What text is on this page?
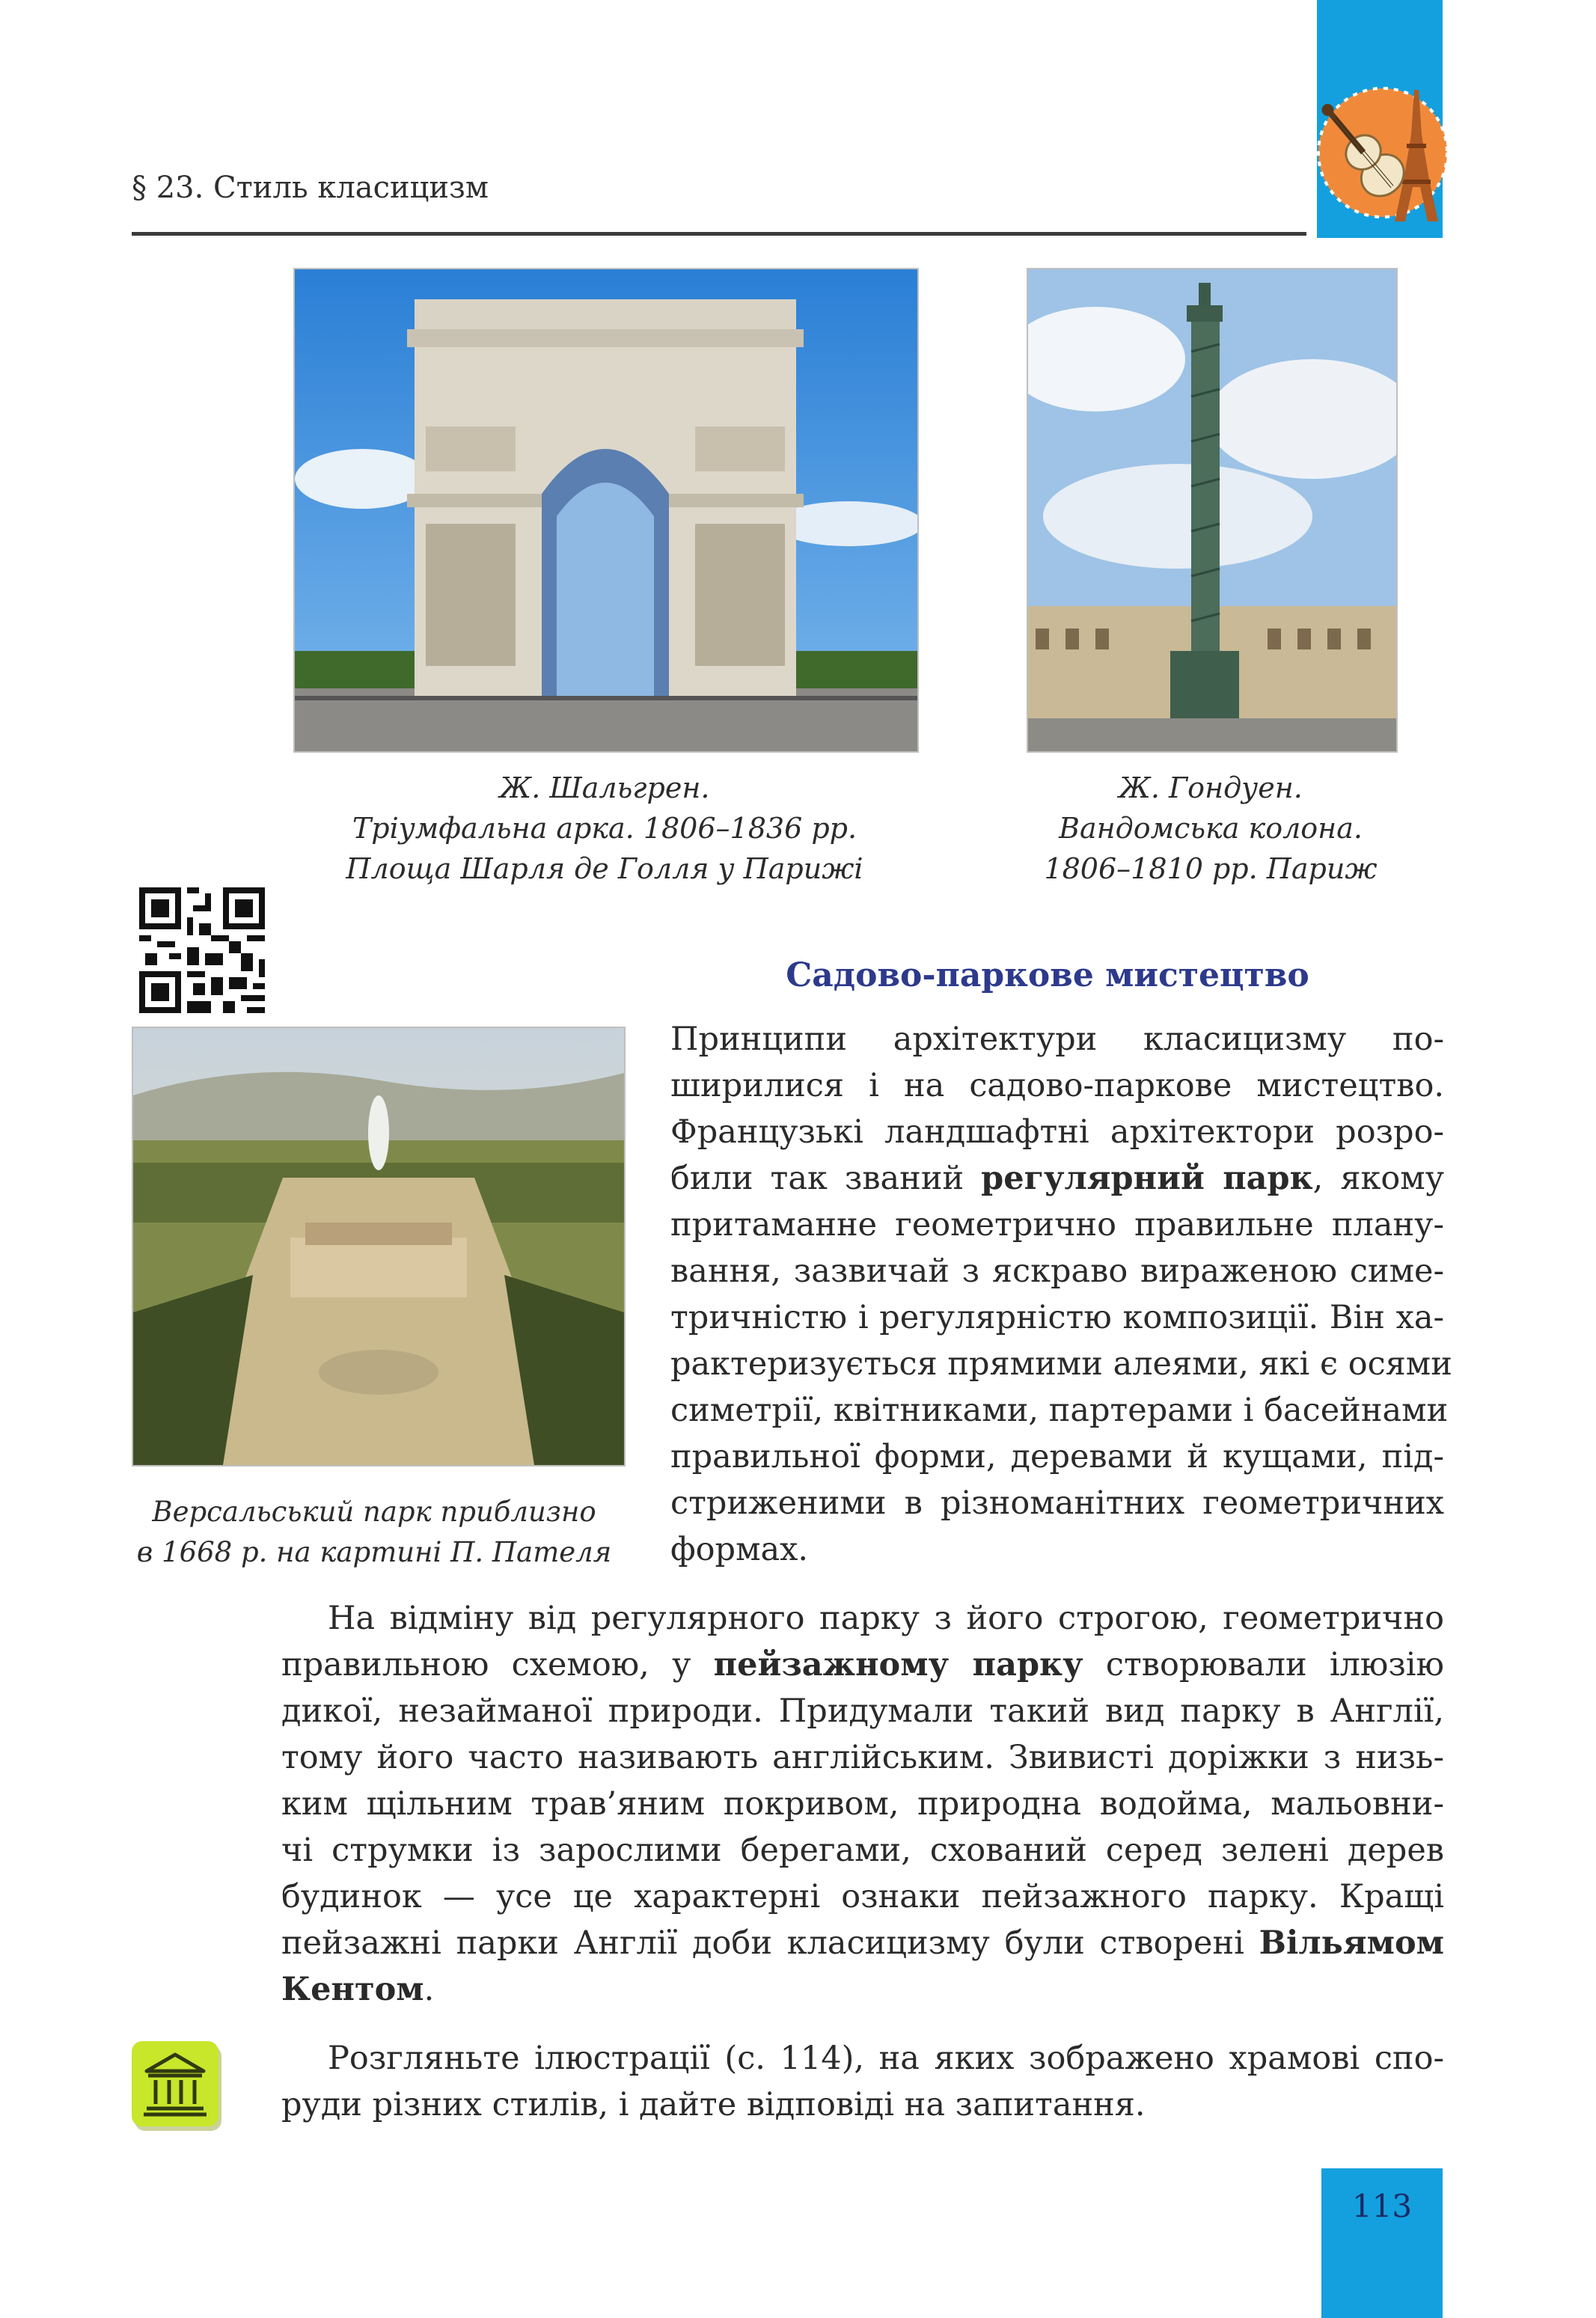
§ 23. Стиль класицизм
Ж. Шальгрен.
Тріумфальна арка. 1806–1836 рр.
Площа Шарля де Голля у Парижі
Ж. Гондуен.
Вандомська колона.
1806–1810 рр. Париж
Версальський парк приблизно
в 1668 р. на картині П. Пателя
Садово-паркове мистецтво
Принципи архітектури класицизму по-
ширилися і на садово-паркове мистецтво.
Французькі ландшафтні архітектори розро-
били так званий регулярний парк, якому
притаманне геометрично правильне плану-
вання, зазвичай з яскраво вираженою симе-
тричністю і регулярністю композиції. Він ха-
рактеризується прямими алеями, які є осями
симетрії, квітниками, партерами і басейнами
правильної форми, деревами й кущами, під-
стриженими в різноманітних геометричних
формах.
На відміну від регулярного парку з його строгою, геометрично
правильною схемою, у пейзажному парку створювали ілюзію
дикої, незайманої природи. Придумали такий вид парку в Англії,
тому його часто називають англійським. Звивисті доріжки з низь-
ким щільним трав’яним покривом, природна водойма, мальовни-
чі струмки із зарослими берегами, схований серед зелені дерев
будинок — усе це характерні ознаки пейзажного парку. Кращі
пейзажні парки Англії доби класицизму були створені Вільямом
Кентом.
Розгляньте ілюстрації (с. 114), на яких зображено храмові спо-
руди різних стилів, і дайте відповіді на запитання.
113
